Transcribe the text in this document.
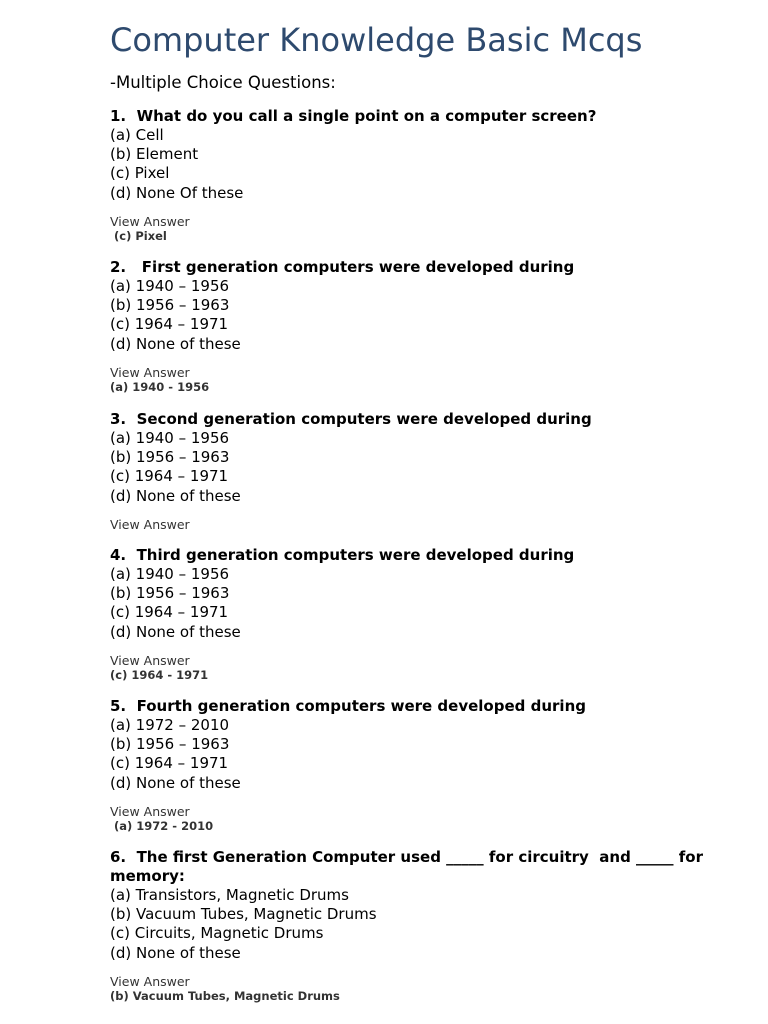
Computer Knowledge Basic Mcqs
-Multiple Choice Questions:

1.  What do you call a single point on a computer screen?

(a) Cell

(b) Element

(c) Pixel

(d) None Of these

View Answer
(c) Pixel

2.   First generation computers were developed during

(a) 1940 – 1956

(b) 1956 – 1963

(c) 1964 – 1971

(d) None of these

View Answer
(a) 1940 - 1956

3.  Second generation computers were developed during

(a) 1940 – 1956

(b) 1956 – 1963

(c) 1964 – 1971

(d) None of these

View Answer

4.  Third generation computers were developed during

(a) 1940 – 1956

(b) 1956 – 1963

(c) 1964 – 1971

(d) None of these

View Answer
(c) 1964 - 1971

5.  Fourth generation computers were developed during

(a) 1972 – 2010

(b) 1956 – 1963

(c) 1964 – 1971

(d) None of these

View Answer
(a) 1972 - 2010

6.  The first Generation Computer used _____ for circuitry  and _____ for memory:

(a) Transistors, Magnetic Drums

(b) Vacuum Tubes, Magnetic Drums

(c) Circuits, Magnetic Drums

(d) None of these

View Answer
(b) Vacuum Tubes, Magnetic Drums
